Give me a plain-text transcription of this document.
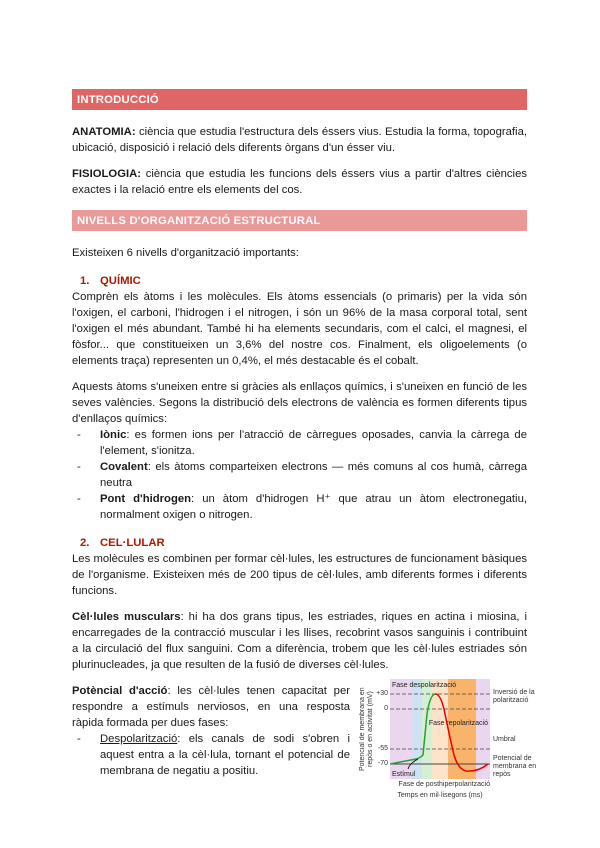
INTRODUCCIÓ

ANATOMIA: ciència que estudia l'estructura dels éssers vius. Estudia la forma, topografia, ubicació, disposició i relació dels diferents òrgans d'un ésser viu.

FISIOLOGIA: ciència que estudia les funcions dels éssers vius a partir d'altres ciències exactes i la relació entre els elements del cos.

NIVELLS D'ORGANITZACIÓ ESTRUCTURAL

Existeixen 6 nivells d'organització importants:

1. QUÍMIC

Comprèn els àtoms i les molècules. Els àtoms essencials (o primaris) per la vida són l'oxigen, el carboni, l'hidrogen i el nitrogen, i són un 96% de la masa corporal total, sent l'oxigen el més abundant. També hi ha elements secundaris, com el calci, el magnesi, el fòsfor... que constitueixen un 3,6% del nostre cos. Finalment, els oligoelements (o elements traça) representen un 0,4%, el més destacable és el cobalt.

Aquests àtoms s'uneixen entre si gràcies als enllaços químics, i s'uneixen en funció de les seves valències. Segons la distribució dels electrons de valència es formen diferents tipus d'enllaços químics:

- Iònic: es formen ions per l'atracció de càrregues oposades, canvia la càrrega de l'element, s'ionitza.
- Covalent: els àtoms comparteixen electrons — més comuns al cos humà, càrrega neutra
- Pont d'hidrogen: un àtom d'hidrogen H⁺ que atrau un àtom electronegatiu, normalment oxigen o nitrogen.
2. CEL·LULAR

Les molècules es combinen per formar cèl·lules, les estructures de funcionament bàsiques de l'organisme. Existeixen més de 200 tipus de cèl·lules, amb diferents formes i diferents funcions.

Cèl·lules musculars: hi ha dos grans tipus, les estriades, riques en actina i miosina, i encarregades de la contracció muscular i les llises, recobrint vasos sanguinis i contribuint a la circulació del flux sanguini. Com a diferència, trobem que les cèl·lules estriades són plurinucleades, ja que resulten de la fusió de diverses cèl·lules.

Potèncial d'acció: les cèl·lules tenen capacitat per respondre a estímuls nerviosos, en una resposta ràpida formada per dues fases:

- Despolarització: els canals de sodi s'obren i aquest entra a la cèl·lula, tornant el potencial de membrana de negatiu a positiu.
Potencial de membrana en repòs o en activitat (mV) +30
0
-55
-70
Fase despolarització
Fase repolarització
Estímul
Inversió de la polarització
Umbral
Potencial de membrana en repòs
Fase de posthiperpolarització
Temps en mil·lisegons (ms)
